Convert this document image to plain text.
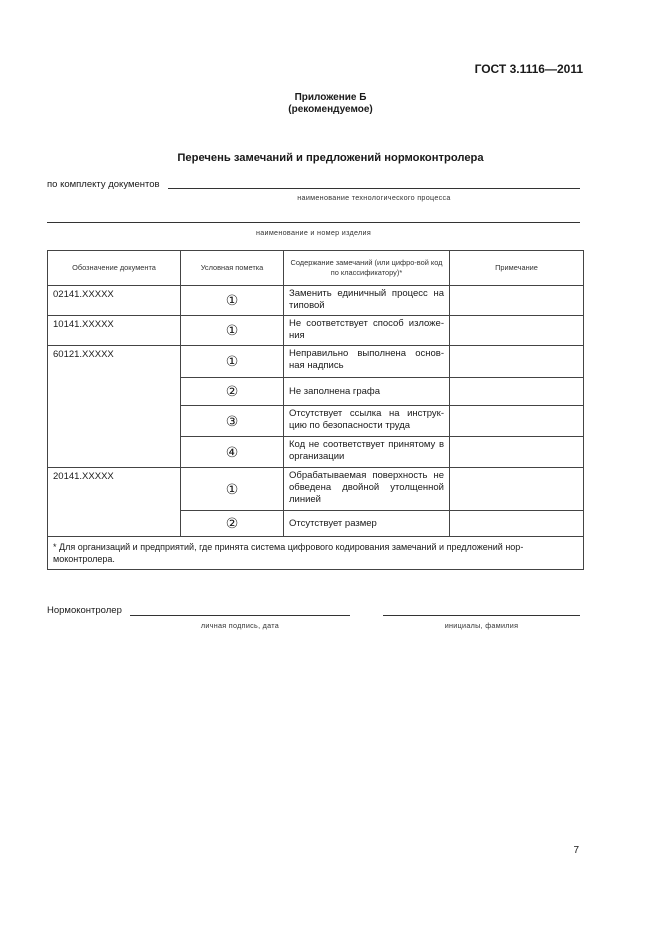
ГОСТ 3.1116—2011
Приложение Б
(рекомендуемое)
Перечень замечаний и предложений нормоконтролера
по комплекту документов
наименование технологического процесса
наименование и номер изделия
Обозначение документа	Условная пометка	Содержание замечаний (или цифро-вой код по классификатору)*	Примечание
02141.XXXXX	①	Заменить единичный процесс на типовой	
10141.XXXXX	①	Не соответствует способ изложе-ния	
60121.XXXXX	①	Неправильно выполнена основ-ная надпись	
	②	Не заполнена графа	
	③	Отсутствует ссылка на инструк-цию по безопасности труда	
	④	Код не соответствует принятому в организации	
20141.XXXXX	①	Обрабатываемая поверхность не обведена двойной утолщенной линией	
	②	Отсутствует размер	
* Для организаций и предприятий, где принята система цифрового кодирования замечаний и предложений нор-моконтролера.			
Нормоконтролер
личная подпись, дата	инициалы, фамилия
7
